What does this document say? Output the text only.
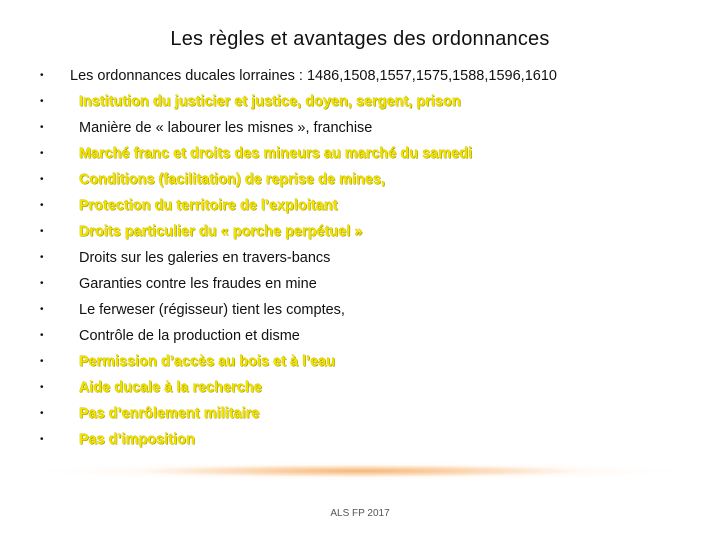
Les règles et avantages des ordonnances
• Les ordonnances ducales lorraines : 1486,1508,1557,1575,1588,1596,1610
• Institution du justicier et justice, doyen, sergent, prison
• Manière de « labourer les misnes », franchise
• Marché franc et droits des mineurs au marché du samedi
• Conditions (facilitation) de reprise de mines,
• Protection du territoire de l’exploitant
• Droits particulier du « porche perpétuel »
• Droits sur les galeries en travers-bancs
• Garanties contre les fraudes en mine
• Le ferweser (régisseur) tient les comptes,
• Contrôle de la production et disme
• Permission d’accès au bois et à l’eau
• Aide ducale à la recherche
• Pas d’enrôlement militaire
• Pas d’imposition
ALS FP 2017
